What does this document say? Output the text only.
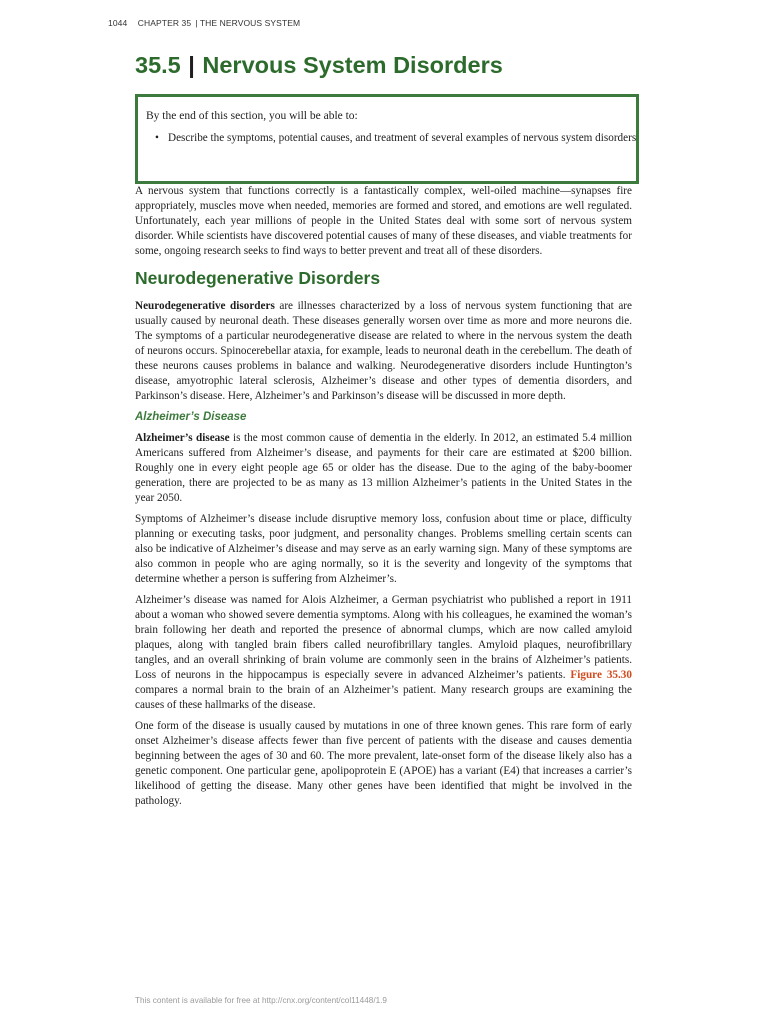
1044 CHAPTER 35 | THE NERVOUS SYSTEM
35.5 | Nervous System Disorders

By the end of this section, you will be able to:

• Describe the symptoms, potential causes, and treatment of several examples of nervous system disorders

A nervous system that functions correctly is a fantastically complex, well-oiled machine—synapses fire appropriately, muscles move when needed, memories are formed and stored, and emotions are well regulated. Unfortunately, each year millions of people in the United States deal with some sort of nervous system disorder. While scientists have discovered potential causes of many of these diseases, and viable treatments for some, ongoing research seeks to find ways to better prevent and treat all of these disorders.

Neurodegenerative Disorders

Neurodegenerative disorders are illnesses characterized by a loss of nervous system functioning that are usually caused by neuronal death. These diseases generally worsen over time as more and more neurons die. The symptoms of a particular neurodegenerative disease are related to where in the nervous system the death of neurons occurs. Spinocerebellar ataxia, for example, leads to neuronal death in the cerebellum. The death of these neurons causes problems in balance and walking. Neurodegenerative disorders include Huntington’s disease, amyotrophic lateral sclerosis, Alzheimer’s disease and other types of dementia disorders, and Parkinson’s disease. Here, Alzheimer’s and Parkinson’s disease will be discussed in more depth.

Alzheimer’s Disease

Alzheimer’s disease is the most common cause of dementia in the elderly. In 2012, an estimated 5.4 million Americans suffered from Alzheimer’s disease, and payments for their care are estimated at $200 billion. Roughly one in every eight people age 65 or older has the disease. Due to the aging of the baby-boomer generation, there are projected to be as many as 13 million Alzheimer’s patients in the United States in the year 2050.

Symptoms of Alzheimer’s disease include disruptive memory loss, confusion about time or place, difficulty planning or executing tasks, poor judgment, and personality changes. Problems smelling certain scents can also be indicative of Alzheimer’s disease and may serve as an early warning sign. Many of these symptoms are also common in people who are aging normally, so it is the severity and longevity of the symptoms that determine whether a person is suffering from Alzheimer’s.

Alzheimer’s disease was named for Alois Alzheimer, a German psychiatrist who published a report in 1911 about a woman who showed severe dementia symptoms. Along with his colleagues, he examined the woman’s brain following her death and reported the presence of abnormal clumps, which are now called amyloid plaques, along with tangled brain fibers called neurofibrillary tangles. Amyloid plaques, neurofibrillary tangles, and an overall shrinking of brain volume are commonly seen in the brains of Alzheimer’s patients. Loss of neurons in the hippocampus is especially severe in advanced Alzheimer’s patients. Figure 35.30 compares a normal brain to the brain of an Alzheimer’s patient. Many research groups are examining the causes of these hallmarks of the disease.

One form of the disease is usually caused by mutations in one of three known genes. This rare form of early onset Alzheimer’s disease affects fewer than five percent of patients with the disease and causes dementia beginning between the ages of 30 and 60. The more prevalent, late-onset form of the disease likely also has a genetic component. One particular gene, apolipoprotein E (APOE) has a variant (E4) that increases a carrier’s likelihood of getting the disease. Many other genes have been identified that might be involved in the pathology.

This content is available for free at http://cnx.org/content/col11448/1.9
